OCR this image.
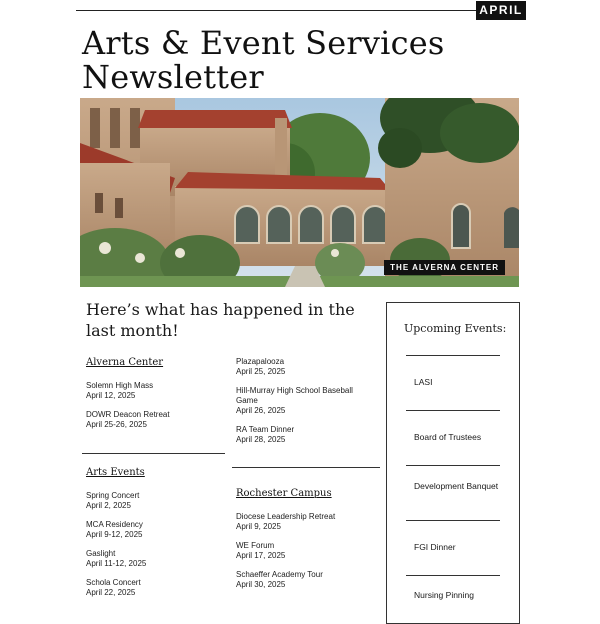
APRIL
Arts & Event Services
Newsletter
THE ALVERNA CENTER
Here’s what has happened in the last month!
Alverna Center
Solemn High Mass
April 12, 2025
DOWR Deacon Retreat
April 25-26, 2025
Arts Events
Spring Concert
April 2, 2025
MCA Residency
April 9-12, 2025
Gaslight
April 11-12, 2025
Schola Concert
April 22, 2025
Plazapalooza
April 25, 2025
Hill-Murray High School Baseball Game
April 26, 2025
RA Team Dinner
April 28, 2025
Rochester Campus
Diocese Leadership Retreat
April 9, 2025
WE Forum
April 17, 2025
Schaeffer Academy Tour
April 30, 2025
Upcoming Events:
LASI
Board of Trustees
Development Banquet
FGI Dinner
Nursing Pinning
